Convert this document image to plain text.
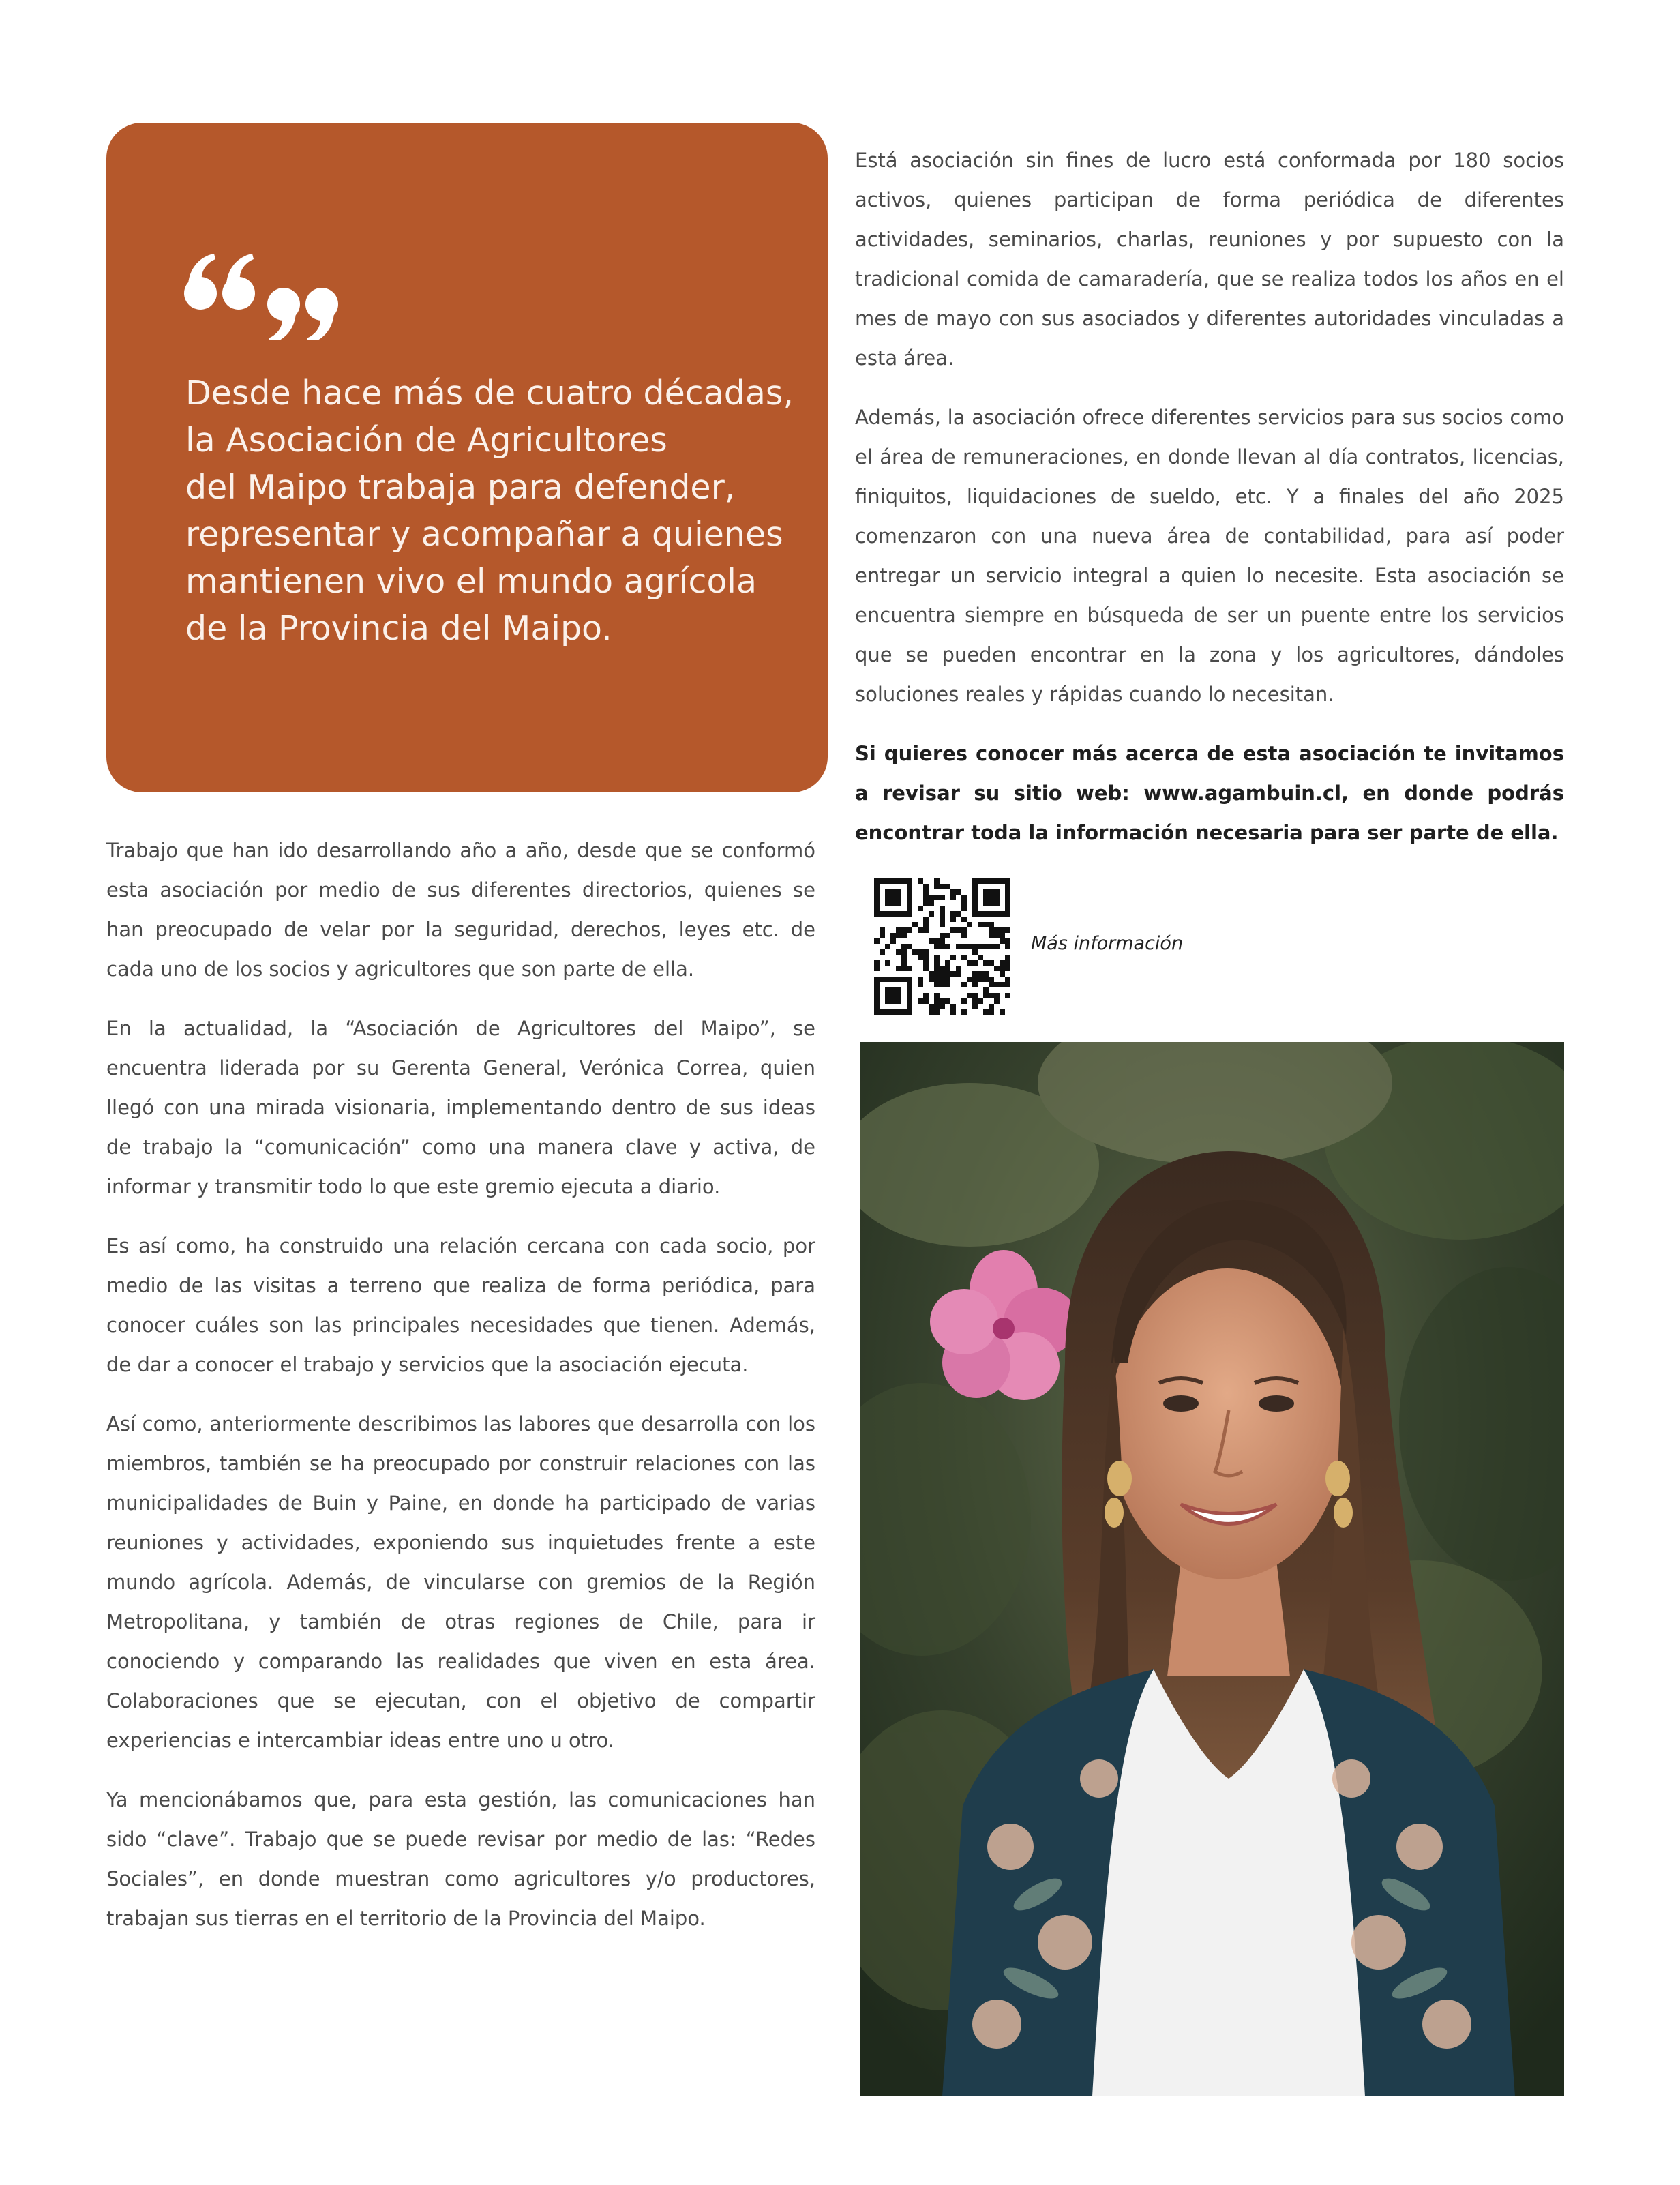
Desde hace más de cuatro décadas,
la Asociación de Agricultores
del Maipo trabaja para defender,
representar y acompañar a quienes
mantienen vivo el mundo agrícola
de la Provincia del Maipo.

Trabajo que han ido desarrollando año a año, desde que se conformó esta asociación por medio de sus diferentes directorios, quienes se han preocupado de velar por la seguridad, derechos, leyes etc. de cada uno de los socios y agricultores que son parte de ella.

En la actualidad, la “Asociación de Agricultores del Maipo”, se encuentra liderada por su Gerenta General, Verónica Correa, quien llegó con una mirada visionaria, implementando dentro de sus ideas de trabajo la “comunicación” como una manera clave y activa, de informar y transmitir todo lo que este gremio ejecuta a diario.

Es así como, ha construido una relación cercana con cada socio, por medio de las visitas a terreno que realiza de forma periódica, para conocer cuáles son las principales necesidades que tienen. Además, de dar a conocer el trabajo y servicios que la asociación ejecuta.

Así como, anteriormente describimos las labores que desarrolla con los miembros, también se ha preocupado por construir relaciones con las municipalidades de Buin y Paine, en donde ha participado de varias reuniones y actividades, exponiendo sus inquietudes frente a este mundo agrícola. Además, de vincularse con gremios de la Región Metropolitana, y también de otras regiones de Chile, para ir conociendo y comparando las realidades que viven en esta área. Colaboraciones que se ejecutan, con el objetivo de compartir experiencias e intercambiar ideas entre uno u otro.

Ya mencionábamos que, para esta gestión, las comunicaciones han sido “clave”. Trabajo que se puede revisar por medio de las: “Redes Sociales”, en donde muestran como agricultores y/o productores, trabajan sus tierras en el territorio de la Provincia del Maipo.

Está asociación sin fines de lucro está conformada por 180 socios activos, quienes participan de forma periódica de diferentes actividades, seminarios, charlas, reuniones y por supuesto con la tradicional comida de camaradería, que se realiza todos los años en el mes de mayo con sus asociados y diferentes autoridades vinculadas a esta área.

Además, la asociación ofrece diferentes servicios para sus socios como el área de remuneraciones, en donde llevan al día contratos, licencias, finiquitos, liquidaciones de sueldo, etc. Y a finales del año 2025 comenzaron con una nueva área de contabilidad, para así poder entregar un servicio integral a quien lo necesite. Esta asociación se encuentra siempre en búsqueda de ser un puente entre los servicios que se pueden encontrar en la zona y los agricultores, dándoles soluciones reales y rápidas cuando lo necesitan.

Si quieres conocer más acerca de esta asociación te invitamos a revisar su sitio web: www.agambuin.cl, en donde podrás encontrar toda la información necesaria para ser parte de ella.

Más información
